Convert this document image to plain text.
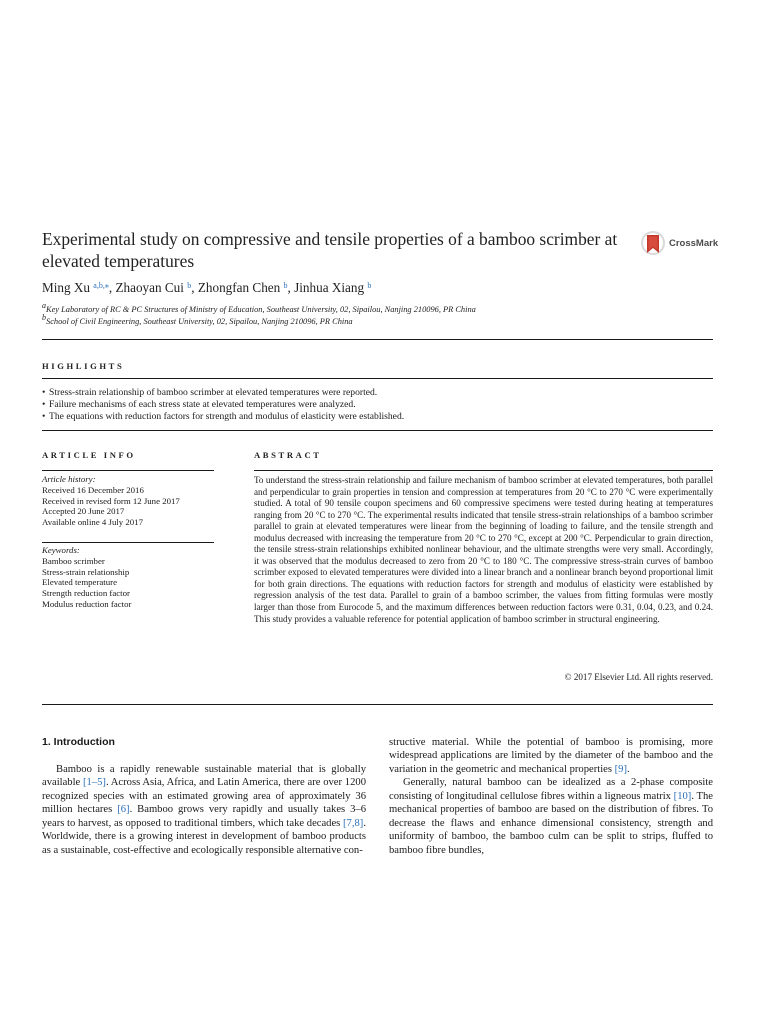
Experimental study on compressive and tensile properties of a bamboo scrimber at elevated temperatures
CrossMark
Ming Xu $^{a,b,⁎}$, Zhaoyan Cui $^b$, Zhongfan Chen $^b$, Jinhua Xiang $^b$
$^a$Key Laboratory of RC & PC Structures of Ministry of Education, Southeast University, 02, Sipailou, Nanjing 210096, PR China
$^b$School of Civil Engineering, Southeast University, 02, Sipailou, Nanjing 210096, PR China
HIGHLIGHTS
• Stress-strain relationship of bamboo scrimber at elevated temperatures were reported.
• Failure mechanisms of each stress state at elevated temperatures were analyzed.
• The equations with reduction factors for strength and modulus of elasticity were established.
ARTICLE INFO
Article history:
Received 16 December 2016
Received in revised form 12 June 2017
Accepted 20 June 2017
Available online 4 July 2017
Keywords:
Bamboo scrimber
Stress-strain relationship
Elevated temperature
Strength reduction factor
Modulus reduction factor
ABSTRACT
To understand the stress-strain relationship and failure mechanism of bamboo scrimber at elevated temperatures, both parallel and perpendicular to grain properties in tension and compression at temperatures from 20 °C to 270 °C were experimentally studied. A total of 90 tensile coupon specimens and 60 compressive specimens were tested during heating at temperatures ranging from 20 °C to 270 °C. The experimental results indicated that tensile stress-strain relationships of a bamboo scrimber parallel to grain at elevated temperatures were linear from the beginning of loading to failure, and the tensile strength and modulus decreased with increasing the temperature from 20 °C to 270 °C, except at 200 °C. Perpendicular to grain direction, the tensile stress-strain relationships exhibited nonlinear behaviour, and the ultimate strengths were very small. Accordingly, it was observed that the modulus decreased to zero from 20 °C to 180 °C. The compressive stress-strain curves of bamboo scrimber exposed to elevated temperatures were divided into a linear branch and a nonlinear branch beyond proportional limit for both grain directions. The equations with reduction factors for strength and modulus of elasticity were established by regression analysis of the test data. Parallel to grain of a bamboo scrimber, the values from fitting formulas were mostly larger than those from Eurocode 5, and the maximum differences between reduction factors were 0.31, 0.04, 0.23, and 0.24. This study provides a valuable reference for potential application of bamboo scrimber in structural engineering.
© 2017 Elsevier Ltd. All rights reserved.
1. Introduction

Bamboo is a rapidly renewable sustainable material that is globally available [1–5]. Across Asia, Africa, and Latin America, there are over 1200 recognized species with an estimated growing area of approximately 36 million hectares [6]. Bamboo grows very rapidly and usually takes 3–6 years to harvest, as opposed to traditional timbers, which take decades [7,8]. Worldwide, there is a growing interest in development of bamboo products as a sustainable, cost-effective and ecologically responsible alternative con-

structive material. While the potential of bamboo is promising, more widespread applications are limited by the diameter of the bamboo and the variation in the geometric and mechanical properties [9].

Generally, natural bamboo can be idealized as a 2-phase composite consisting of longitudinal cellulose fibres within a ligneous matrix [10]. The mechanical properties of bamboo are based on the distribution of fibres. To decrease the flaws and enhance dimensional consistency, strength and uniformity of bamboo, the bamboo culm can be split to strips, fluffed to bamboo fibre bundles,
